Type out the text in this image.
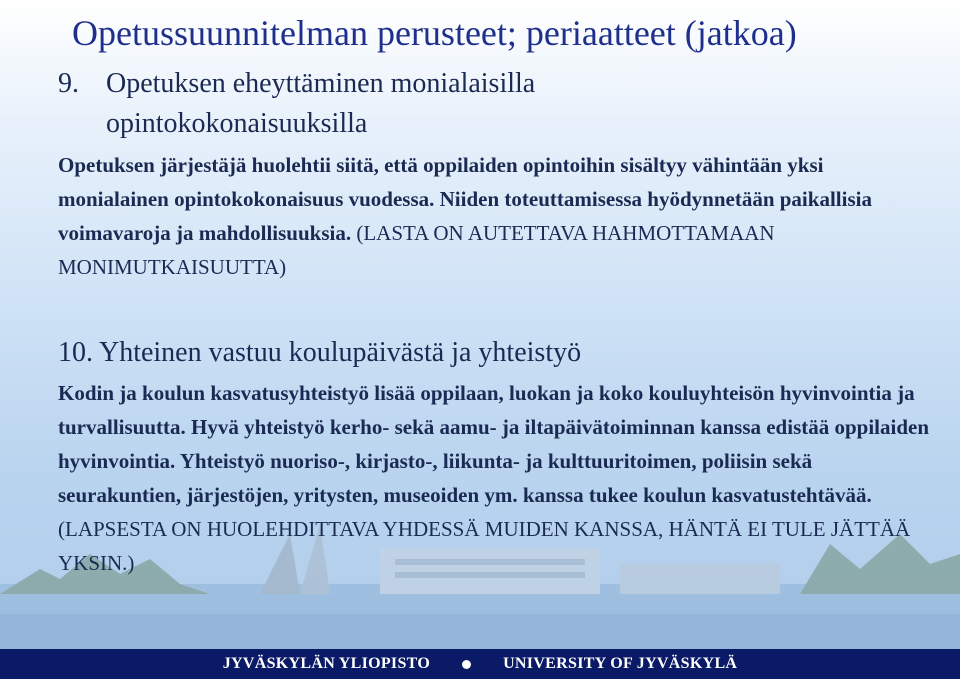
Opetussuunnitelman perusteet; periaatteet (jatkoa)
9. Opetuksen eheyttäminen monialaisilla opintokokonaisuuksilla
Opetuksen järjestäjä huolehtii siitä, että oppilaiden opintoihin sisältyy vähintään yksi monialainen opintokokonaisuus vuodessa. Niiden toteuttamisessa hyödynnetään paikallisia voimavaroja ja mahdollisuuksia. (LASTA ON AUTETTAVA HAHMOTTAMAAN MONIMUTKAISUUTTA)
10. Yhteinen vastuu koulupäivästä ja yhteistyö
Kodin ja koulun kasvatusyhteistyö lisää oppilaan, luokan ja koko kouluyhteisön hyvinvointia ja turvallisuutta. Hyvä yhteistyö kerho- sekä aamu- ja iltapäivätoiminnan kanssa edistää oppilaiden hyvinvointia. Yhteistyö nuoriso-, kirjasto-, liikunta- ja kulttuuritoimen, poliisin sekä seurakuntien, järjestöjen, yritysten, museoiden ym. kanssa tukee koulun kasvatustehtävää. (LAPSESTA ON HUOLEHDITTAVA YHDESSÄ MUIDEN KANSSA, HÄNTÄ EI TULE JÄTTÄÄ YKSIN.)
JYVÄSKYLÄN YLIOPISTO	UNIVERSITY OF JYVÄSKYLÄ
